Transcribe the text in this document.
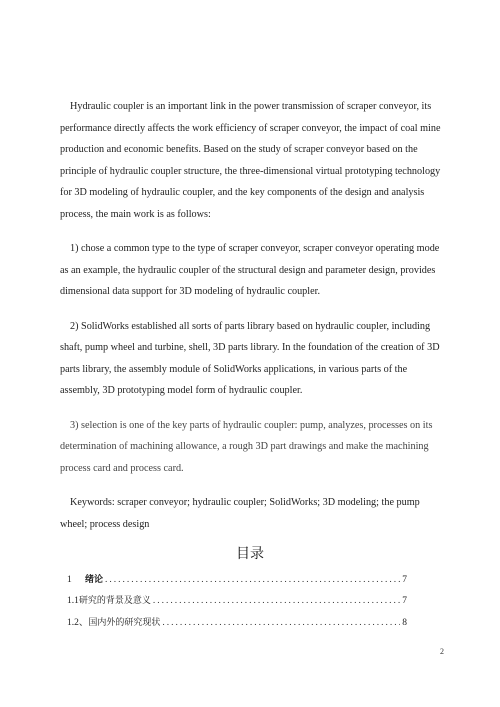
Hydraulic coupler is an important link in the power transmission of scraper conveyor, its performance directly affects the work efficiency of scraper conveyor, the impact of coal mine production and economic benefits. Based on the study of scraper conveyor based on the principle of hydraulic coupler structure, the three-dimensional virtual prototyping technology for 3D modeling of hydraulic coupler, and the key components of the design and analysis process, the main work is as follows:

1) chose a common type to the type of scraper conveyor, scraper conveyor operating mode as an example, the hydraulic coupler of the structural design and parameter design, provides dimensional data support for 3D modeling of hydraulic coupler.

2) SolidWorks established all sorts of parts library based on hydraulic coupler, including shaft, pump wheel and turbine, shell, 3D parts library. In the foundation of the creation of 3D parts library, the assembly module of SolidWorks applications, in various parts of the assembly, 3D prototyping model form of hydraulic coupler.

3) selection is one of the key parts of hydraulic coupler: pump, analyzes, processes on its determination of machining allowance, a rough 3D part drawings and make the machining process card and process card.

Keywords: scraper conveyor; hydraulic coupler; SolidWorks; 3D modeling; the pump wheel; process design

目录
1	绪论 .....	7
1.1 研究的背景及意义 .....	7
1.2、 国内外的研究现状 .....	8
2
